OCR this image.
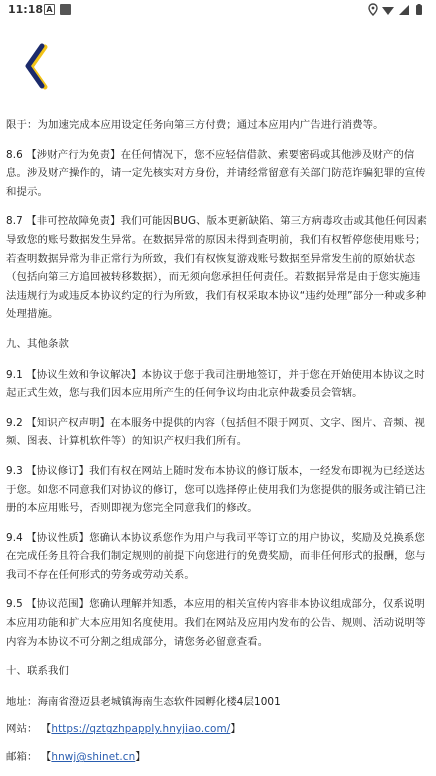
11:18 A

限于：为加速完成本应用设定任务向第三方付费；通过本应用内广告进行消费等。

8.6 【涉财产行为免责】在任何情况下，您不应轻信借款、索要密码或其他涉及财产的信息。涉及财产操作的，请一定先核实对方身份，并请经常留意有关部门防范诈骗犯罪的宣传和提示。

8.7 【非可控故障免责】我们可能因BUG、版本更新缺陷、第三方病毒攻击或其他任何因素导致您的账号数据发生异常。在数据异常的原因未得到查明前，我们有权暂停您使用账号；若查明数据异常为非正常行为所致，我们有权恢复游戏账号数据至异常发生前的原始状态（包括向第三方追回被转移数据），而无须向您承担任何责任。若数据异常是由于您实施违法违规行为或违反本协议约定的行为所致，我们有权采取本协议“违约处理”部分一种或多种处理措施。

九、其他条款

9.1 【协议生效和争议解决】本协议于您于我司注册地签订，并于您在开始使用本协议之时起正式生效，您与我们因本应用所产生的任何争议均由北京仲裁委员会管辖。

9.2 【知识产权声明】在本服务中提供的内容（包括但不限于网页、文字、图片、音频、视频、图表、计算机软件等）的知识产权归我们所有。

9.3 【协议修订】我们有权在网站上随时发布本协议的修订版本，一经发布即视为已经送达于您。如您不同意我们对协议的修订，您可以选择停止使用我们为您提供的服务或注销已注册的本应用账号，否则即视为您完全同意我们的修改。

9.4 【协议性质】您确认本协议系您作为用户与我司平等订立的用户协议，奖励及兑换系您在完成任务且符合我们制定规则的前提下向您进行的免费奖励，而非任何形式的报酬，您与我司不存在任何形式的劳务或劳动关系。

9.5 【协议范围】您确认理解并知悉，本应用的相关宣传内容非本协议组成部分，仅系说明本应用功能和扩大本应用知名度使用。我们在网站及应用内发布的公告、规则、活动说明等内容为本协议不可分割之组成部分，请您务必留意查看。

十、联系我们

地址：海南省澄迈县老城镇海南生态软件园孵化楼4层1001

网站： 【https://qztgzhpapply.hnyjiao.com/】

邮箱： 【hnwj@shinet.cn】
